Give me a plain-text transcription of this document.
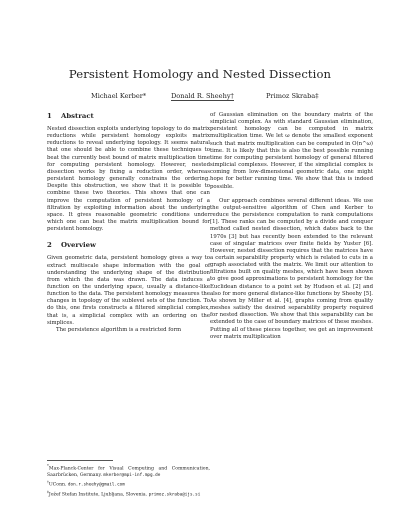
Persistent Homology and Nested Dissection
Michael Kerber*	Donald R. Sheehy†	Primoz Skraba‡
1 Abstract

Nested dissection exploits underlying topology to do matrix reductions while persistent homology exploits matrix reductions to reveal underlying topology. It seems natural that one should be able to combine these techniques to beat the currently best bound of matrix multiplication time for computing persistent homology. However, nested dissection works by fixing a reduction order, whereas persistent homology generally constrains the ordering. Despite this obstruction, we show that it is possible to combine these two theories. This shows that one can improve the computation of persistent homology of a filtration by exploiting information about the underlying space. It gives reasonable geometric conditions under which one can beat the matrix multiplication bound for persistent homology.

2 Overview

Given geometric data, persistent homology gives a way to extract multiscale shape information with the goal of understanding the underlying shape of the distribution from which the data was drawn. The data induces a function on the underlying space, usually a distance-like function to the data. The persistent homology measures the changes in topology of the sublevel sets of the function. To do this, one firsts constructs a filtered simplicial complex, that is, a simplicial complex with an ordering on the simplices.

The persistence algorithm is a restricted form

*Max-Planck-Center for Visual Computing and Communication, Saarbrücken, Germany. mkerber@mpi-inf.mpg.de
†UConn. don.r.sheehy@gmail.com
‡Jožef Stefan Institute, Ljubljana, Slovenia. primoz.skraba@ijs.si

of Gaussian elimination on the boundary matrix of the simplicial complex. As with standard Gaussian elimination, persistent homology can be computed in matrix multiplication time. We let ω denote the smallest exponent such that matrix multiplication can be computed in O(n^ω) time. It is likely that this is also the best possible running time for computing persistent homology of general filtered simplicial complexes. However, if the simplicial complex is coming from low-dimensional geometric data, one might hope for better running time. We show that this is indeed possible.

Our approach combines several different ideas. We use the output-sensitive algorithm of Chen and Kerber to reduce the persistence computation to rank computations [1]. These ranks can be computed by a divide and conquer method called nested dissection, which dates back to the 1970s [3] but has recently been extended to the relevant case of singular matrices over finite fields by Yuster [6]. However, nested dissection requires that the matrices have a certain separability property which is related to cuts in a graph associated with the matrix. We limit our attention to filtrations built on quality meshes, which have been shown to give good approximations to persistent homology for the Euclidean distance to a point set by Hudson et al. [2] and also for more general distance-like functions by Sheehy [5]. As shown by Miller et al. [4], graphs coming from quality meshes satisfy the desired separability property required for nested dissection. We show that this separability can be extended to the case of boundary matrices of these meshes. Putting all of these pieces together, we get an improvement over matrix multiplication
